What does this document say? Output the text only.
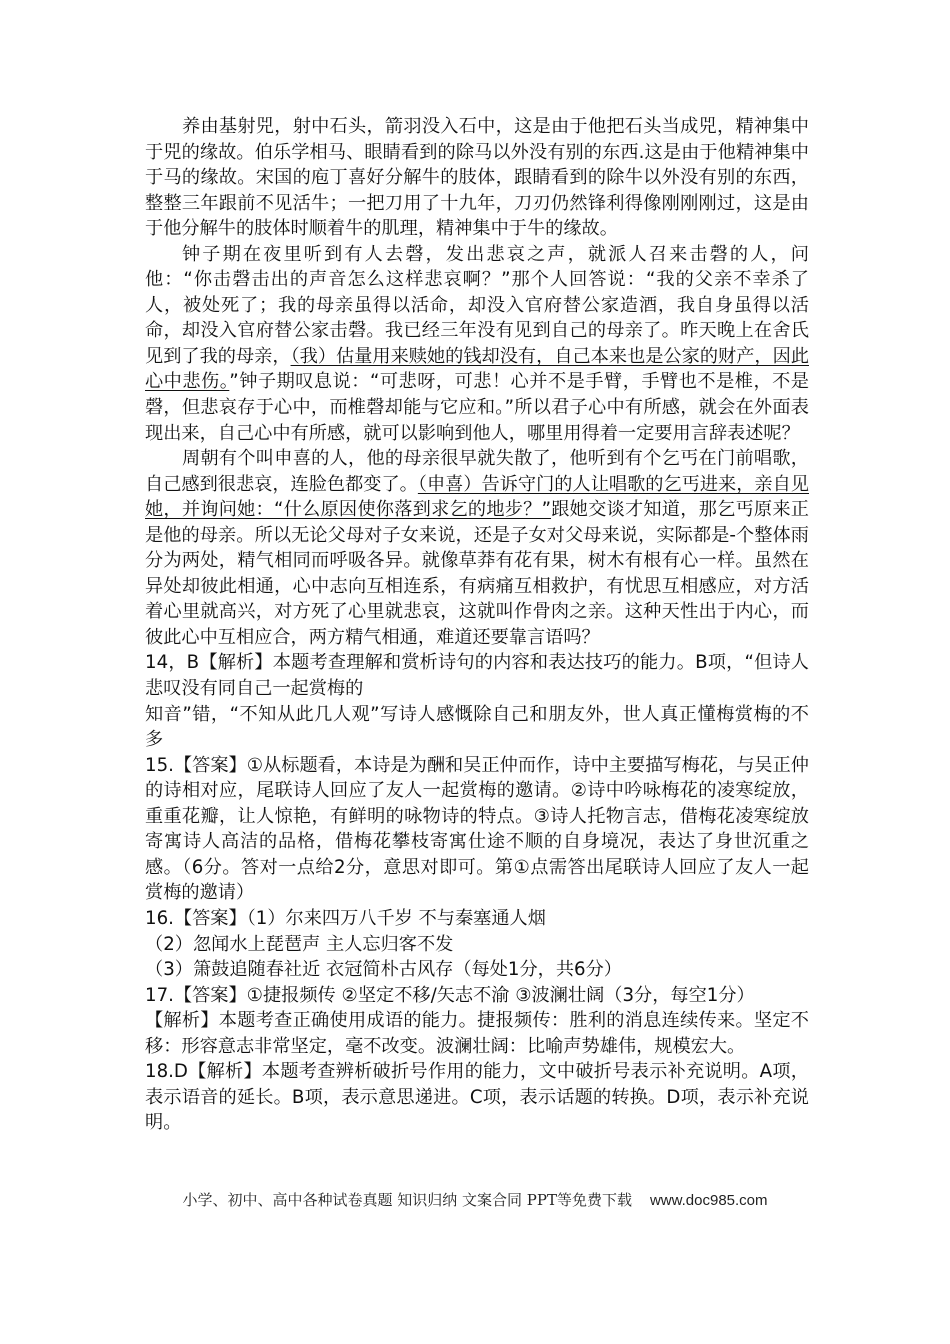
养由基射兕，射中石头，箭羽没入石中，这是由于他把石头当成兕，精神集中于兕的缘故。伯乐学相马、眼睛看到的除马以外没有别的东西.这是由于他精神集中于马的缘故。宋国的庖丁喜好分解牛的肢体，跟睛看到的除牛以外没有别的东西，整整三年跟前不见活牛；一把刀用了十九年，刀刃仍然锋利得像刚刚刚过，这是由于他分解牛的肢体时顺着牛的肌理，精神集中于牛的缘故。

钟子期在夜里听到有人去磬，发出悲哀之声，就派人召来击磬的人，问他：“你击磬击出的声音怎么这样悲哀啊？”那个人回答说：“我的父亲不幸杀了人，被处死了；我的母亲虽得以活命，却没入官府替公家造酒，我自身虽得以活命，却没入官府替公家击磬。我已经三年没有见到自己的母亲了。昨天晚上在舍氏见到了我的母亲，（我）估量用来赎她的钱却没有，自己本来也是公家的财产，因此心中悲伤。”钟子期叹息说：“可悲呀，可悲！心并不是手臂，手臂也不是椎，不是磬，但悲哀存于心中，而椎磬却能与它应和。”所以君子心中有所感，就会在外面表现出来，自己心中有所感，就可以影响到他人，哪里用得着一定要用言辞表述呢？

周朝有个叫申喜的人，他的母亲很早就失散了，他听到有个乞丐在门前唱歌，自己感到很悲哀，连脸色都变了。（申喜）告诉守门的人让唱歌的乞丐进来，亲自见她，并询问她：“什么原因使你落到求乞的地步？”跟她交谈才知道，那乞丐原来正是他的母亲。所以无论父母对子女来说，还是子女对父母来说，实际都是-个整体雨分为两处，精气相同而呼吸各异。就像草莽有花有果，树木有根有心一样。虽然在异处却彼此相通，心中志向互相连系，有病痛互相救护，有忧思互相感应，对方活着心里就高兴，对方死了心里就悲哀，这就叫作骨肉之亲。这种天性出于内心，而彼此心中互相应合，两方精气相通，难道还要靠言语吗？

14，B【解析】本题考查理解和赏析诗句的内容和表达技巧的能力。B项，“但诗人悲叹没有同自己一起赏梅的

知音”错，“不知从此几人观”写诗人感慨除自己和朋友外，世人真正懂梅赏梅的不多

15.【答案】①从标题看，本诗是为酬和吴正仲而作，诗中主要描写梅花，与吴正仲的诗相对应，尾联诗人回应了友人一起赏梅的邀请。②诗中吟咏梅花的凌寒绽放，重重花瓣，让人惊艳，有鲜明的咏物诗的特点。③诗人托物言志，借梅花凌寒绽放寄寓诗人高洁的品格，借梅花攀枝寄寓仕途不顺的自身境况，表达了身世沉重之感。（6分。答对一点给2分，意思对即可。第①点需答出尾联诗人回应了友人一起赏梅的邀请）

16.【答案】（1）尔来四万八千岁 不与秦塞通人烟

（2）忽闻水上琵琶声 主人忘归客不发

（3）箫鼓追随春社近 衣冠简朴古风存（每处1分，共6分）

17.【答案】①捷报频传 ②坚定不移/矢志不渝 ③波澜壮阔（3分，每空1分）

【解析】本题考查正确使用成语的能力。捷报频传：胜利的消息连续传来。坚定不移：形容意志非常坚定，毫不改变。波澜壮阔：比喻声势雄伟，规模宏大。

18.D【解析】本题考查辨析破折号作用的能力，文中破折号表示补充说明。A项，表示语音的延长。B项，表示意思递进。C项，表示话题的转换。D项，表示补充说明。

小学、初中、高中各种试卷真题 知识归纳 文案合同 PPT等免费下载 www.doc985.com
